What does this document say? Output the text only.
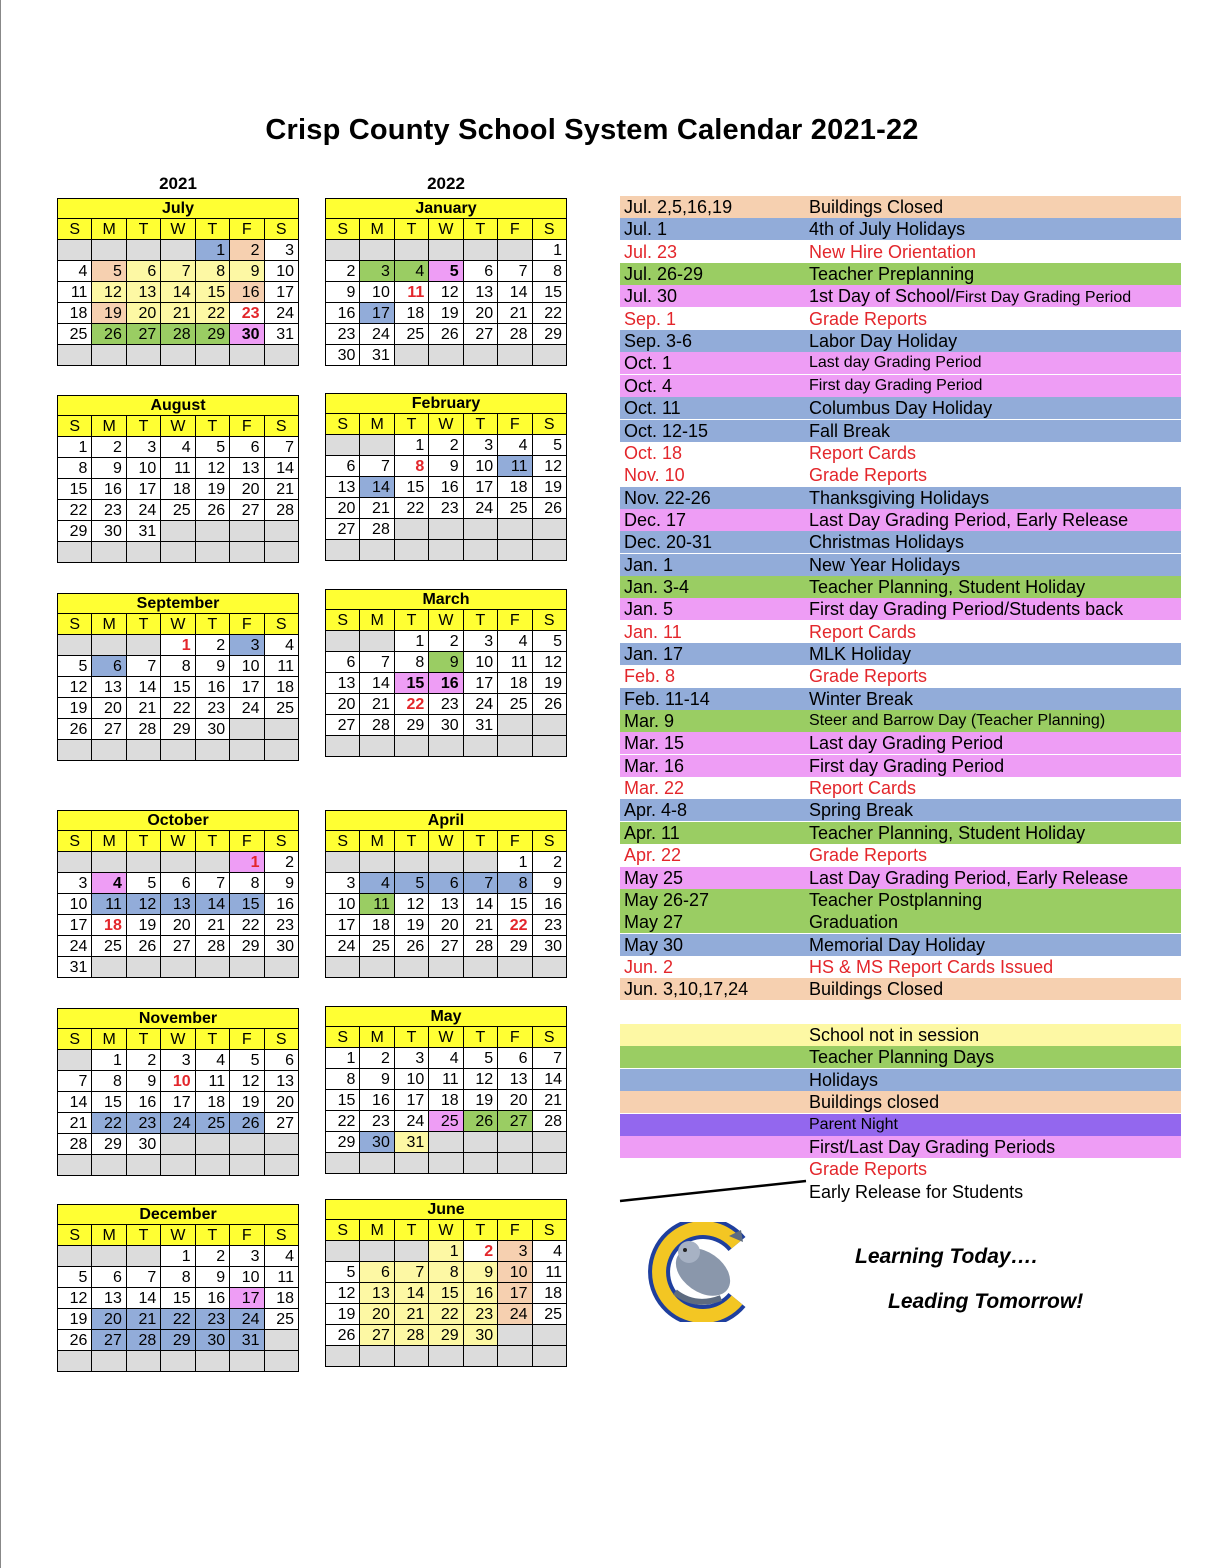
Crisp County School System Calendar 2021-22
2021	2022
July						
S	M	T	W	T	F	S
				1	2	3
4	5	6	7	8	9	10
11	12	13	14	15	16	17
18	19	20	21	22	23	24
25	26	27	28	29	30	31

August						
S	M	T	W	T	F	S
1	2	3	4	5	6	7
8	9	10	11	12	13	14
15	16	17	18	19	20	21
22	23	24	25	26	27	28
29	30	31				

September						
S	M	T	W	T	F	S
			1	2	3	4
5	6	7	8	9	10	11
12	13	14	15	16	17	18
19	20	21	22	23	24	25
26	27	28	29	30		

October						
S	M	T	W	T	F	S
					1	2
3	4	5	6	7	8	9
10	11	12	13	14	15	16
17	18	19	20	21	22	23
24	25	26	27	28	29	30
31						
November						
S	M	T	W	T	F	S
	1	2	3	4	5	6
7	8	9	10	11	12	13
14	15	16	17	18	19	20
21	22	23	24	25	26	27
28	29	30				

December						
S	M	T	W	T	F	S
			1	2	3	4
5	6	7	8	9	10	11
12	13	14	15	16	17	18
19	20	21	22	23	24	25
26	27	28	29	30	31	

January						
S	M	T	W	T	F	S
						1
2	3	4	5	6	7	8
9	10	11	12	13	14	15
16	17	18	19	20	21	22
23	24	25	26	27	28	29
30	31					
February						
S	M	T	W	T	F	S
		1	2	3	4	5
6	7	8	9	10	11	12
13	14	15	16	17	18	19
20	21	22	23	24	25	26
27	28					

March						
S	M	T	W	T	F	S
		1	2	3	4	5
6	7	8	9	10	11	12
13	14	15	16	17	18	19
20	21	22	23	24	25	26
27	28	29	30	31		

April						
S	M	T	W	T	F	S
					1	2
3	4	5	6	7	8	9
10	11	12	13	14	15	16
17	18	19	20	21	22	23
24	25	26	27	28	29	30

May						
S	M	T	W	T	F	S
1	2	3	4	5	6	7
8	9	10	11	12	13	14
15	16	17	18	19	20	21
22	23	24	25	26	27	28
29	30	31				

June						
S	M	T	W	T	F	S
			1	2	3	4
5	6	7	8	9	10	11
12	13	14	15	16	17	18
19	20	21	22	23	24	25
26	27	28	29	30		

Jul. 2,5,16,19	Buildings Closed
Jul. 1	4th of July Holidays
Jul. 23	New Hire Orientation
Jul. 26-29	Teacher Preplanning
Jul. 30	1st Day of School/First Day Grading Period
Sep. 1	Grade Reports
Sep. 3-6	Labor Day Holiday
Oct. 1	Last day Grading Period
Oct. 4	First day Grading Period
Oct. 11	Columbus Day Holiday
Oct. 12-15	Fall Break
Oct. 18	Report Cards
Nov. 10	Grade Reports
Nov. 22-26	Thanksgiving Holidays
Dec. 17	Last Day Grading Period, Early Release
Dec. 20-31	Christmas Holidays
Jan. 1	New Year Holidays
Jan. 3-4	Teacher Planning, Student Holiday
Jan. 5	First day Grading Period/Students back
Jan. 11	Report Cards
Jan. 17	MLK Holiday
Feb. 8	Grade Reports
Feb. 11-14	Winter Break
Mar. 9	Steer and Barrow Day (Teacher Planning)
Mar. 15	Last day Grading Period
Mar. 16	First day Grading Period
Mar. 22	Report Cards
Apr. 4-8	Spring Break
Apr. 11	Teacher Planning, Student Holiday
Apr. 22	Grade Reports
May 25	Last Day Grading Period, Early Release
May 26-27	Teacher Postplanning
May 27	Graduation
May 30	Memorial Day Holiday
Jun. 2	HS & MS Report Cards Issued
Jun. 3,10,17,24	Buildings Closed
School not in session
Teacher Planning Days
Holidays
Buildings closed
Parent Night
First/Last Day Grading Periods
Grade Reports
Early Release for Students
Learning Today….
Leading Tomorrow!
